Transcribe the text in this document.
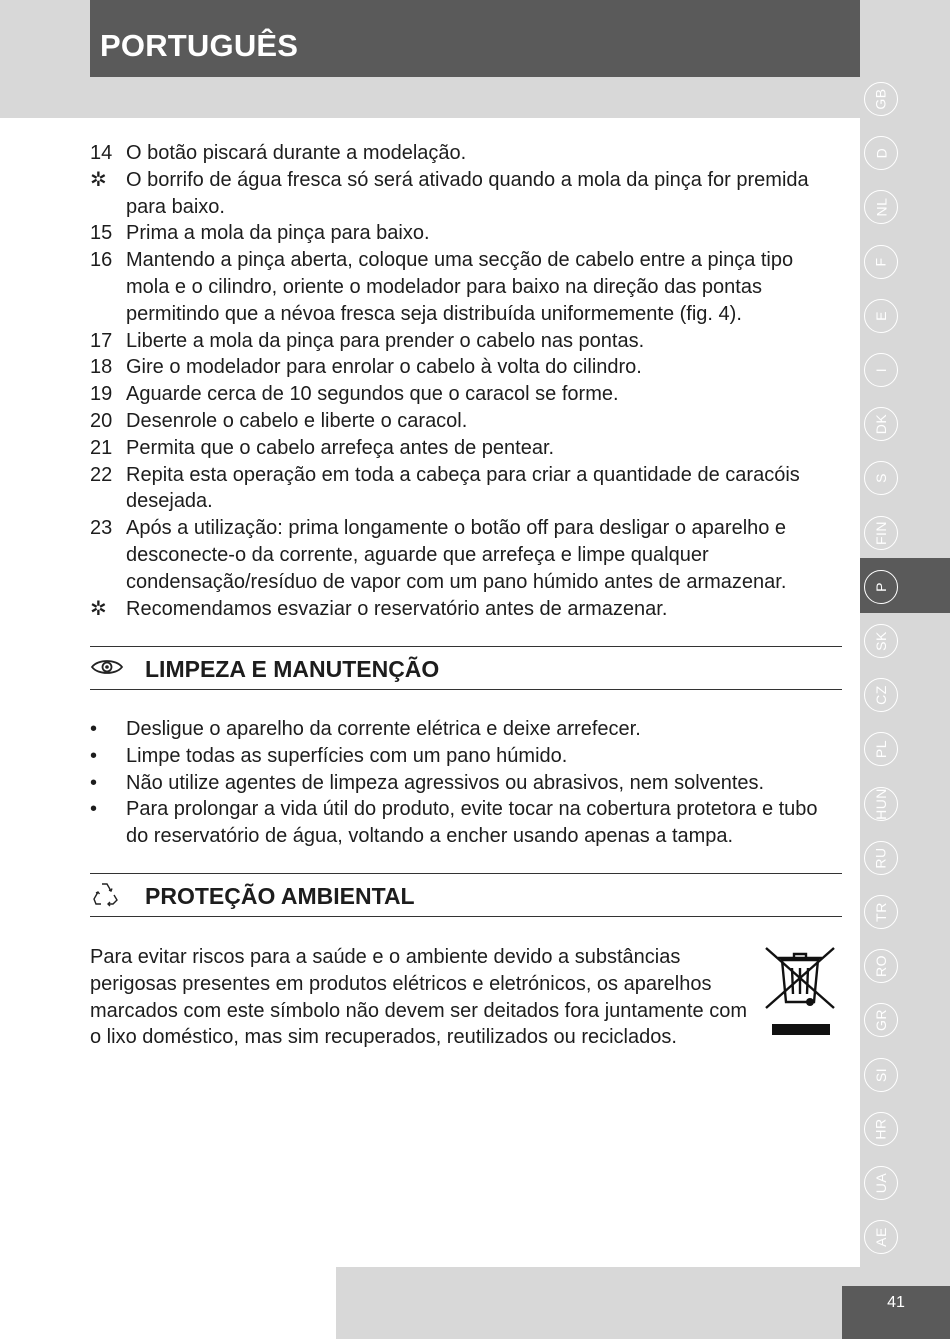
PORTUGUÊS
GB
D
NL
F
E
I
DK
S
FIN
P
SK
CZ
PL
HUN
RU
TR
RO
GR
SI
HR
UA
AE
14 O botão piscará durante a modelação.
✲ O borrifo de água fresca só será ativado quando a mola da pinça for premida para baixo.
15 Prima a mola da pinça para baixo.
16 Mantendo a pinça aberta, coloque uma secção de cabelo entre a pinça tipo mola e o cilindro, oriente o modelador para baixo na direção das pontas permitindo que a névoa fresca seja distribuída uniformemente (fig. 4).
17 Liberte a mola da pinça para prender o cabelo nas pontas.
18 Gire o modelador para enrolar o cabelo à volta do cilindro.
19 Aguarde cerca de 10 segundos que o caracol se forme.
20 Desenrole o cabelo e liberte o caracol.
21 Permita que o cabelo arrefeça antes de pentear.
22 Repita esta operação em toda a cabeça para criar a quantidade de caracóis desejada.
23 Após a utilização: prima longamente o botão off para desligar o aparelho e desconecte-o da corrente, aguarde que arrefeça e limpe qualquer condensação/resíduo de vapor com um pano húmido antes de armazenar.
✲ Recomendamos esvaziar o reservatório antes de armazenar.
LIMPEZA E MANUTENÇÃO
•	Desligue o aparelho da corrente elétrica e deixe arrefecer.
•	Limpe todas as superfícies com um pano húmido.
•	Não utilize agentes de limpeza agressivos ou abrasivos, nem solventes.
•	Para prolongar a vida útil do produto, evite tocar na cobertura protetora e tubo do reservatório de água, voltando a encher usando apenas a tampa.
PROTEÇÃO AMBIENTAL
Para evitar riscos para a saúde e o ambiente devido a substâncias perigosas presentes em produtos elétricos e eletrónicos, os aparelhos marcados com este símbolo não devem ser deitados fora juntamente com o lixo doméstico, mas sim recuperados, reutilizados ou reciclados.
41
